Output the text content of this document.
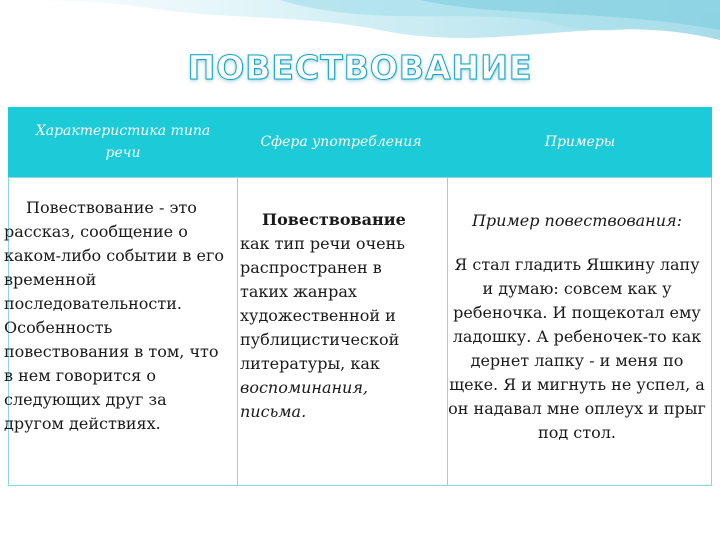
ПОВЕСТВОВАНИЕ
Характеристика типа речи
Сфера употребления	Примеры
Повествование - это рассказ, сообщение о каком-либо событии в его временной последовательности. Особенность повествования в том, что в нем говорится о следующих друг за другом действиях.
Повествование как тип речи очень распространен в таких жанрах художественной и публицистической литературы, как воспоминания, письма.
Пример повествования:
Я стал гладить Яшкину лапу и думаю: совсем как у ребеночка. И пощекотал ему ладошку. А ребеночек-то как дернет лапку - и меня по щеке. Я и мигнуть не успел, а он надавал мне оплеух и прыг под стол.
